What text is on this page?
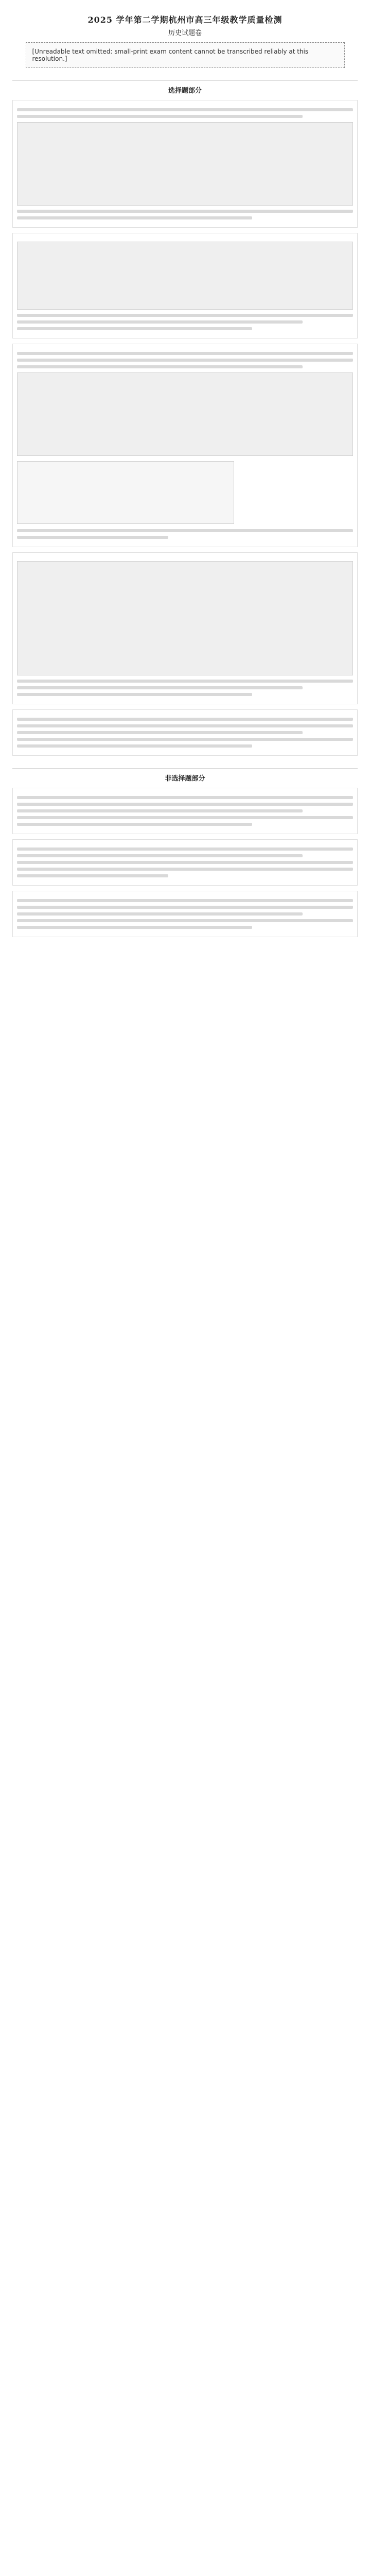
2025 学年第二学期杭州市高三年级教学质量检测
历史试题卷
[Unreadable text omitted: small-print exam content cannot be transcribed reliably at this resolution.]
选择题部分
非选择题部分
